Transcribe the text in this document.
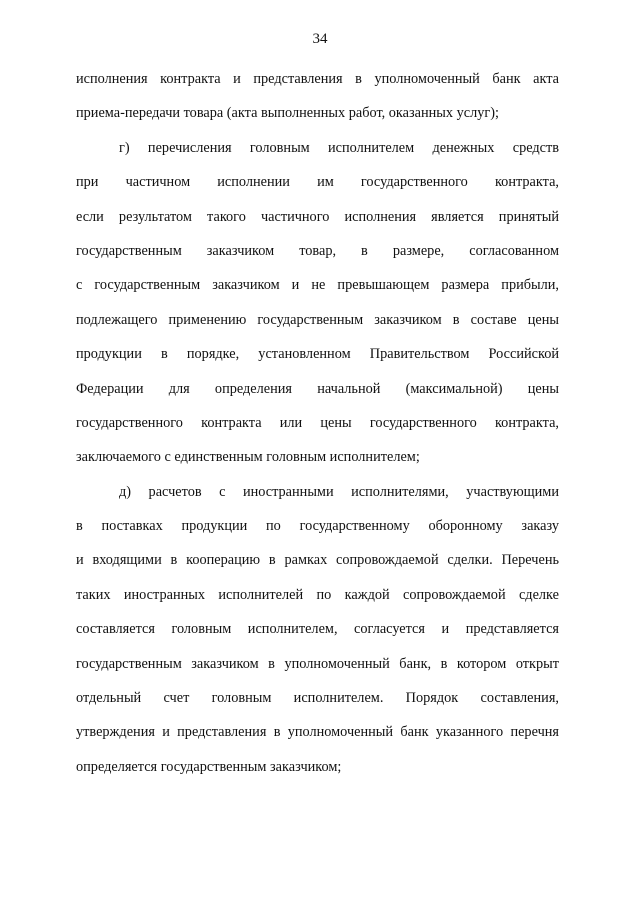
34

исполнения контракта и представления в уполномоченный банк акта
приема-передачи товара (акта выполненных работ, оказанных услуг);

г) перечисления головным исполнителем денежных средств
при частичном исполнении им государственного контракта,
если результатом такого частичного исполнения является принятый
государственным заказчиком товар, в размере, согласованном
с государственным заказчиком и не превышающем размера прибыли,
подлежащего применению государственным заказчиком в составе цены
продукции в порядке, установленном Правительством Российской
Федерации для определения начальной (максимальной) цены
государственного контракта или цены государственного контракта,
заключаемого с единственным головным исполнителем;

д) расчетов с иностранными исполнителями, участвующими
в поставках продукции по государственному оборонному заказу
и входящими в кооперацию в рамках сопровождаемой сделки. Перечень
таких иностранных исполнителей по каждой сопровождаемой сделке
составляется головным исполнителем, согласуется и представляется
государственным заказчиком в уполномоченный банк, в котором открыт
отдельный счет головным исполнителем. Порядок составления,
утверждения и представления в уполномоченный банк указанного перечня
определяется государственным заказчиком;
